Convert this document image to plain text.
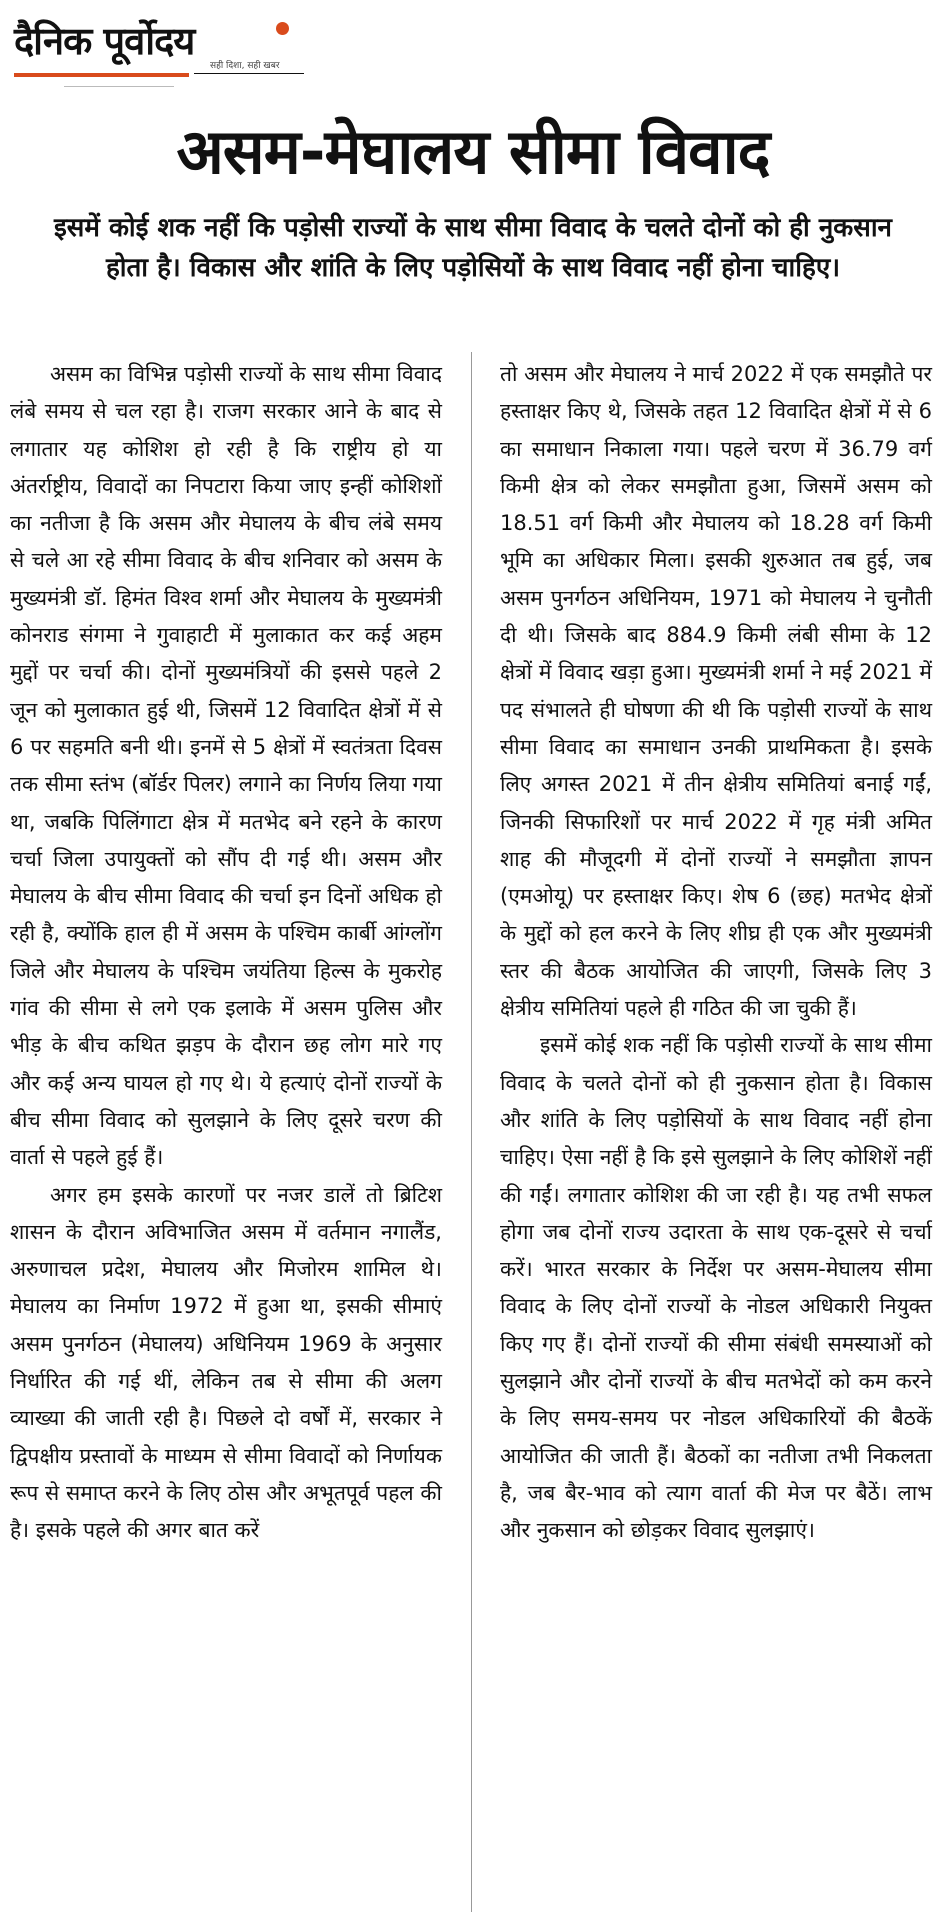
दैनिक पूर्वोदय
सही दिशा, सही खबर
असम-मेघालय सीमा विवाद
इसमें कोई शक नहीं कि पड़ोसी राज्यों के साथ सीमा विवाद के चलते दोनों को ही नुकसान होता है। विकास और शांति के लिए पड़ोसियों के साथ विवाद नहीं होना चाहिए।

असम का विभिन्न पड़ोसी राज्यों के साथ सीमा विवाद लंबे समय से चल रहा है। राजग सरकार आने के बाद से लगातार यह कोशिश हो रही है कि राष्ट्रीय हो या अंतर्राष्ट्रीय, विवादों का निपटारा किया जाए इन्हीं कोशिशों का नतीजा है कि असम और मेघालय के बीच लंबे समय से चले आ रहे सीमा विवाद के बीच शनिवार को असम के मुख्यमंत्री डॉ. हिमंत विश्व शर्मा और मेघालय के मुख्यमंत्री कोनराड संगमा ने गुवाहाटी में मुलाकात कर कई अहम मुद्दों पर चर्चा की। दोनों मुख्यमंत्रियों की इससे पहले 2 जून को मुलाकात हुई थी, जिसमें 12 विवादित क्षेत्रों में से 6 पर सहमति बनी थी। इनमें से 5 क्षेत्रों में स्वतंत्रता दिवस तक सीमा स्तंभ (बॉर्डर पिलर) लगाने का निर्णय लिया गया था, जबकि पिलिंगाटा क्षेत्र में मतभेद बने रहने के कारण चर्चा जिला उपायुक्तों को सौंप दी गई थी। असम और मेघालय के बीच सीमा विवाद की चर्चा इन दिनों अधिक हो रही है, क्योंकि हाल ही में असम के पश्चिम कार्बी आंग्लोंग जिले और मेघालय के पश्चिम जयंतिया हिल्स के मुकरोह गांव की सीमा से लगे एक इलाके में असम पुलिस और भीड़ के बीच कथित झड़प के दौरान छह लोग मारे गए और कई अन्य घायल हो गए थे। ये हत्याएं दोनों राज्यों के बीच सीमा विवाद को सुलझाने के लिए दूसरे चरण की वार्ता से पहले हुई हैं।

अगर हम इसके कारणों पर नजर डालें तो ब्रिटिश शासन के दौरान अविभाजित असम में वर्तमान नगालैंड, अरुणाचल प्रदेश, मेघालय और मिजोरम शामिल थे। मेघालय का निर्माण 1972 में हुआ था, इसकी सीमाएं असम पुनर्गठन (मेघालय) अधिनियम 1969 के अनुसार निर्धारित की गई थीं, लेकिन तब से सीमा की अलग व्याख्या की जाती रही है। पिछले दो वर्षों में, सरकार ने द्विपक्षीय प्रस्तावों के माध्यम से सीमा विवादों को निर्णायक रूप से समाप्त करने के लिए ठोस और अभूतपूर्व पहल की है। इसके पहले की अगर बात करें

तो असम और मेघालय ने मार्च 2022 में एक समझौते पर हस्ताक्षर किए थे, जिसके तहत 12 विवादित क्षेत्रों में से 6 का समाधान निकाला गया। पहले चरण में 36.79 वर्ग किमी क्षेत्र को लेकर समझौता हुआ, जिसमें असम को 18.51 वर्ग किमी और मेघालय को 18.28 वर्ग किमी भूमि का अधिकार मिला। इसकी शुरुआत तब हुई, जब असम पुनर्गठन अधिनियम, 1971 को मेघालय ने चुनौती दी थी। जिसके बाद 884.9 किमी लंबी सीमा के 12 क्षेत्रों में विवाद खड़ा हुआ। मुख्यमंत्री शर्मा ने मई 2021 में पद संभालते ही घोषणा की थी कि पड़ोसी राज्यों के साथ सीमा विवाद का समाधान उनकी प्राथमिकता है। इसके लिए अगस्त 2021 में तीन क्षेत्रीय समितियां बनाई गईं, जिनकी सिफारिशों पर मार्च 2022 में गृह मंत्री अमित शाह की मौजूदगी में दोनों राज्यों ने समझौता ज्ञापन (एमओयू) पर हस्ताक्षर किए। शेष 6 (छह) मतभेद क्षेत्रों के मुद्दों को हल करने के लिए शीघ्र ही एक और मुख्यमंत्री स्तर की बैठक आयोजित की जाएगी, जिसके लिए 3 क्षेत्रीय समितियां पहले ही गठित की जा चुकी हैं।

इसमें कोई शक नहीं कि पड़ोसी राज्यों के साथ सीमा विवाद के चलते दोनों को ही नुकसान होता है। विकास और शांति के लिए पड़ोसियों के साथ विवाद नहीं होना चाहिए। ऐसा नहीं है कि इसे सुलझाने के लिए कोशिशें नहीं की गईं। लगातार कोशिश की जा रही है। यह तभी सफल होगा जब दोनों राज्य उदारता के साथ एक-दूसरे से चर्चा करें। भारत सरकार के निर्देश पर असम-मेघालय सीमा विवाद के लिए दोनों राज्यों के नोडल अधिकारी नियुक्त किए गए हैं। दोनों राज्यों की सीमा संबंधी समस्याओं को सुलझाने और दोनों राज्यों के बीच मतभेदों को कम करने के लिए समय-समय पर नोडल अधिकारियों की बैठकें आयोजित की जाती हैं। बैठकों का नतीजा तभी निकलता है, जब बैर-भाव को त्याग वार्ता की मेज पर बैठें। लाभ और नुकसान को छोड़कर विवाद सुलझाएं।
